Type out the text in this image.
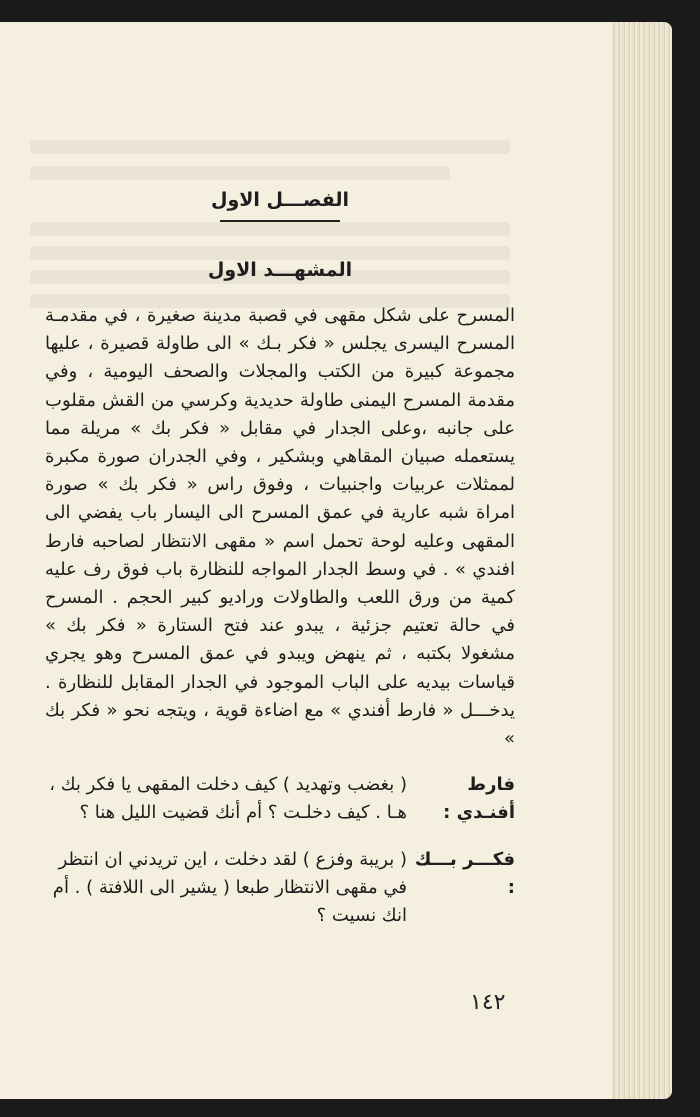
الفصـــل الاول
المشهـــد الاول

المسرح على شكل مقهى في قصبة مدينة صغيرة ، في مقدمـة المسرح اليسرى يجلس « فكر بـك » الى طاولة قصيرة ، عليها مجموعة كبيرة من الكتب والمجلات والصحف اليومية ، وفي مقدمة المسرح اليمنى طاولة حديدية وكرسي من القش مقلوب على جانبه ،وعلى الجدار في مقابل « فكر بك » مريلة مما يستعمله صبيان المقاهي وبشكير ، وفي الجدران صورة مكبرة لممثلات عربيات واجنبيات ، وفوق راس « فكر بك » صورة امراة شبه عارية في عمق المسرح الى اليسار باب يفضي الى المقهى وعليه لوحة تحمل اسم « مقهى الانتظار لصاحبه فارط افندي » . في وسط الجدار المواجه للنظارة باب فوق رف عليه كمية من ورق اللعب والطاولات وراديو كبير الحجم . المسرح في حالة تعتيم جزئية ، يبدو عند فتح الستارة « فكر بك » مشغولا بكتبه ، ثم ينهض ويبدو في عمق المسرح وهو يجري قياسات بيديه على الباب الموجود في الجدار المقابل للنظارة . يدخـــل « فارط أفندي » مع اضاءة قوية ، ويتجه نحو « فكر بك »

فارط أفنـدي :
( بغضب وتهديد ) كيف دخلت المقهى يا فكر بك ، هـا . كيف دخلـت ؟ أم أنك قضيت الليل هنا ؟
فكـــر بـــك :
( بريبة وفزع ) لقد دخلت ، اين تريدني ان انتظر في مقهى الانتظار طبعا ( يشير الى اللافتة ) . أم انك نسيت ؟
١٤٢
